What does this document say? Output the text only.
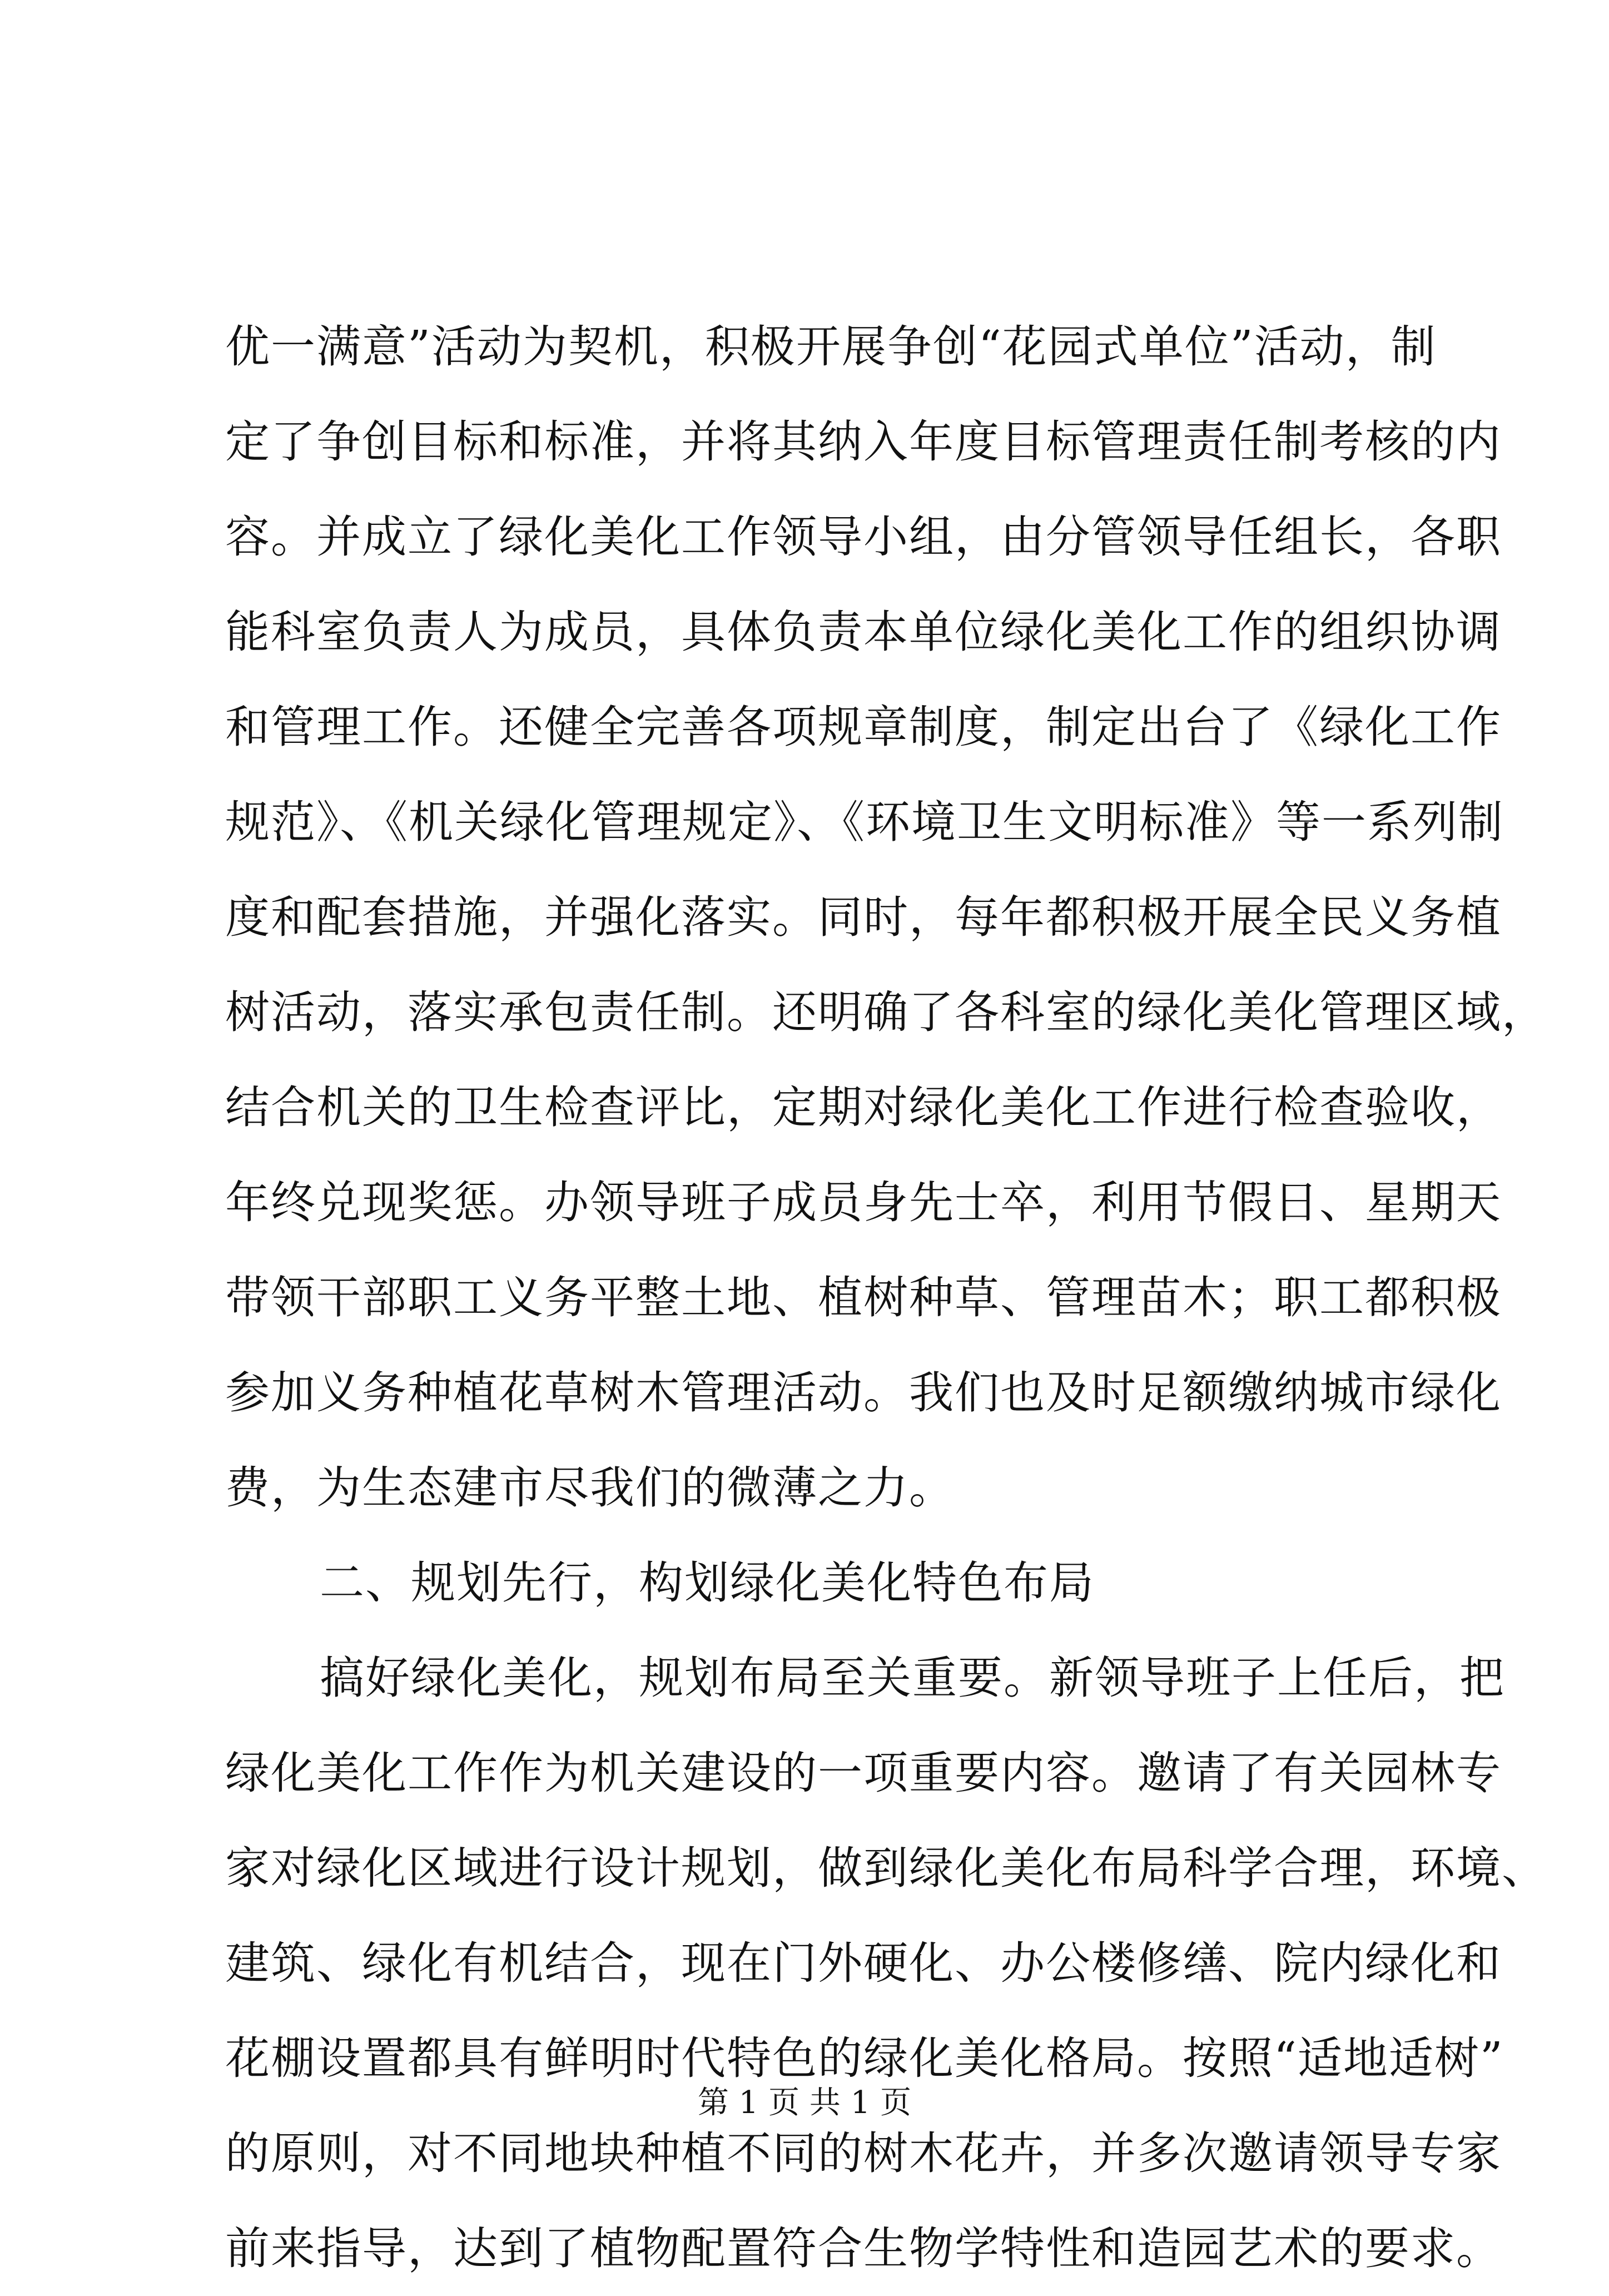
优一满意”活动为契机，积极开展争创“花园式单位”活动，制
定了争创目标和标准，并将其纳入年度目标管理责任制考核的内
容。并成立了绿化美化工作领导小组，由分管领导任组长，各职
能科室负责人为成员，具体负责本单位绿化美化工作的组织协调
和管理工作。还健全完善各项规章制度，制定出台了《绿化工作
规范》、《机关绿化管理规定》、《环境卫生文明标准》等一系列制
度和配套措施，并强化落实。同时，每年都积极开展全民义务植
树活动，落实承包责任制。还明确了各科室的绿化美化管理区域，
结合机关的卫生检查评比，定期对绿化美化工作进行检查验收，
年终兑现奖惩。办领导班子成员身先士卒，利用节假日、星期天
带领干部职工义务平整土地、植树种草、管理苗木；职工都积极
参加义务种植花草树木管理活动。我们也及时足额缴纳城市绿化
费，为生态建市尽我们的微薄之力。
二、规划先行，构划绿化美化特色布局
搞好绿化美化，规划布局至关重要。新领导班子上任后，把
绿化美化工作作为机关建设的一项重要内容。邀请了有关园林专
家对绿化区域进行设计规划，做到绿化美化布局科学合理，环境、
建筑、绿化有机结合，现在门外硬化、办公楼修缮、院内绿化和
花棚设置都具有鲜明时代特色的绿化美化格局。按照“适地适树”
的原则，对不同地块种植不同的树木花卉，并多次邀请领导专家
前来指导，达到了植物配置符合生物学特性和造园艺术的要求。
第 1 页 共 1 页
